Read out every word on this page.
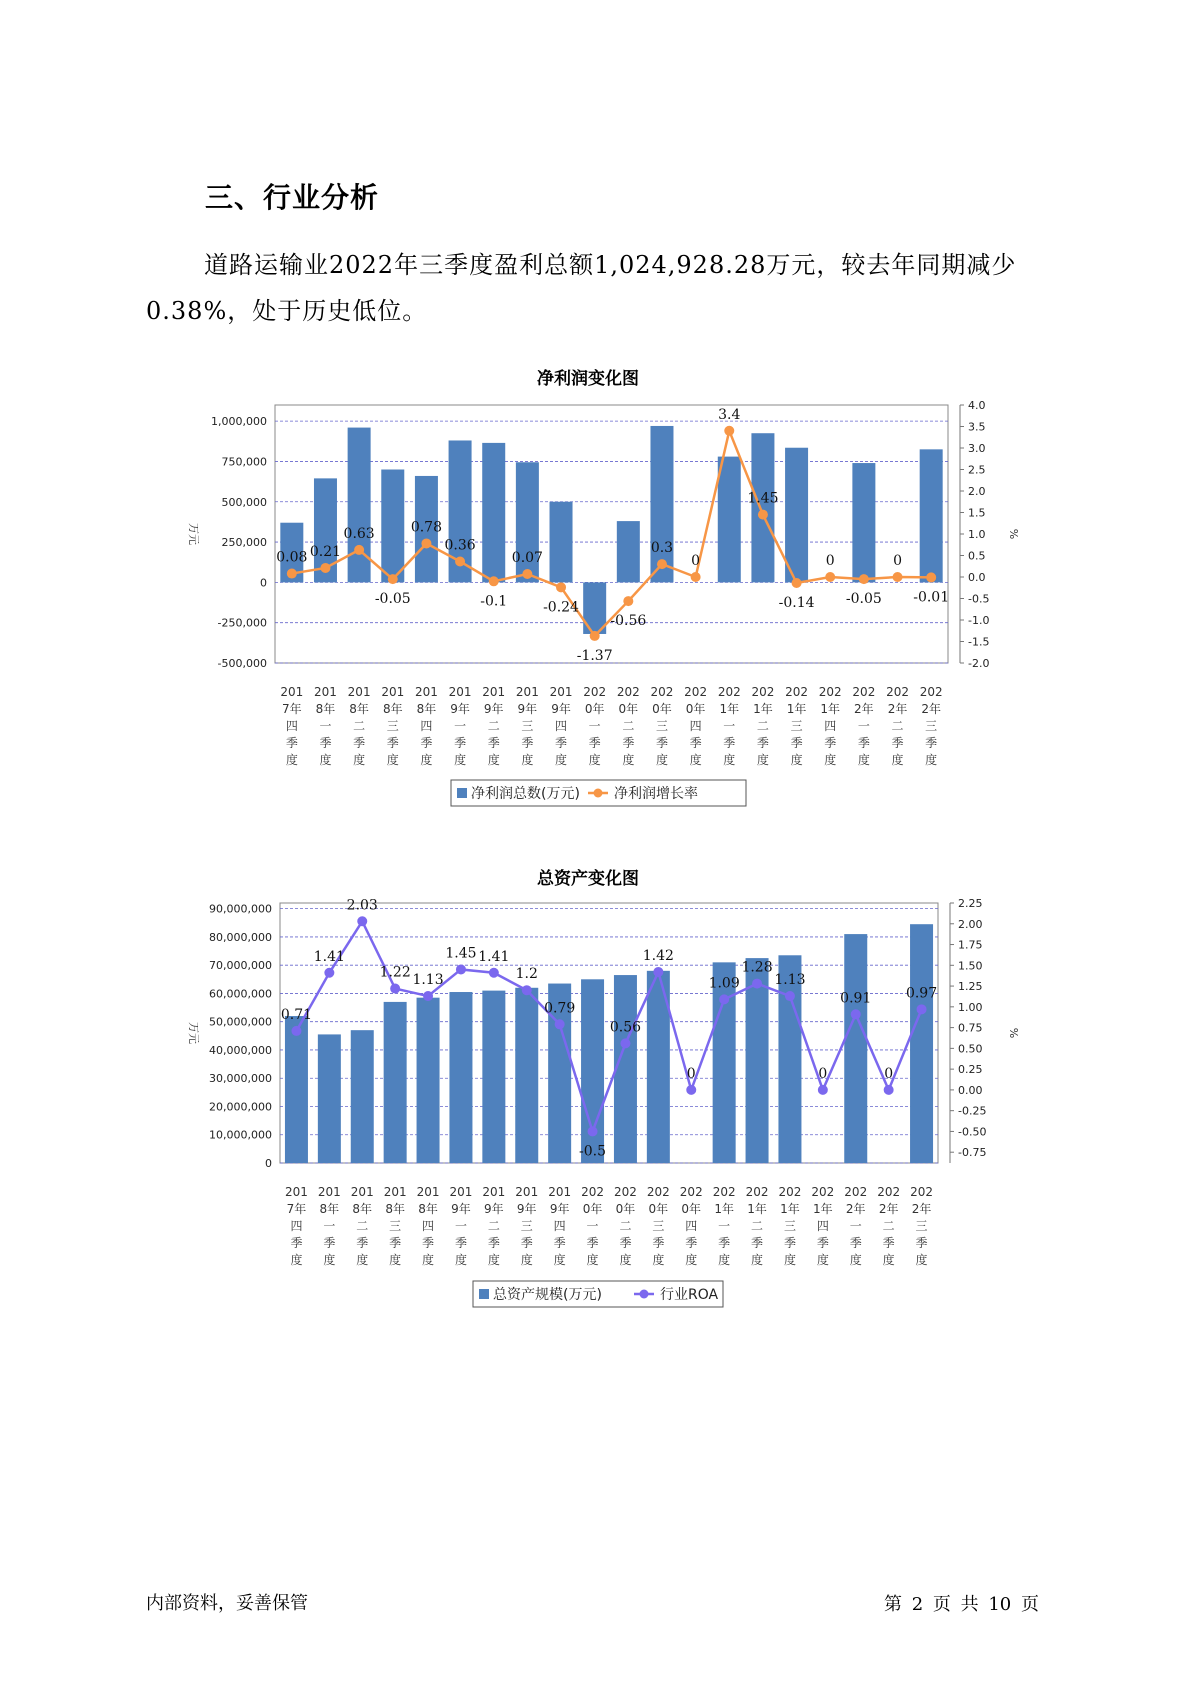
三、行业分析

道路运输业2022年三季度盈利总额1,024,928.28万元，较去年同期减少0.38%，处于历史低位。

净利润变化图
1,000,000
750,000
500,000
250,000
0
-250,000
-500,000
4.0
3.5
3.0
2.5
2.0
1.5
1.0
0.5
0.0
-0.5
-1.0
-1.5
-2.0
万元	%
0.08 0.21
0.63
-0.05
0.78
0.36
-0.1
0.07
-0.24
-1.37
-0.56
0.3
0
3.4
1.45
-0.14
0
-0.05
0
-0.01
201 7年四季度
201 8年一季度
201 8年二季度
201 8年三季度
201 8年四季度
201 9年一季度
201 9年二季度
201 9年三季度
201 9年四季度
202 0年一季度
202 0年二季度
202 0年三季度
202 0年四季度
202 1年一季度
202 1年二季度
202 1年三季度
202 1年四季度
202 2年一季度
202 2年二季度
202 2年三季度
净利润总数(万元) 净利润增长率
总资产变化图
90,000,000
80,000,000
70,000,000
60,000,000
50,000,000
40,000,000
30,000,000
20,000,000
10,000,000
0
2.25
2.00
1.75
1.50
1.25
1.00
0.75
0.50
0.25
0.00
-0.25
-0.50
-0.75
万元	%
0.71
1.41
2.03
1.22 1.13
1.45 1.41
1.2
0.79
-0.5
0.56
1.42
0
1.09
1.28
1.13
0
0.91
0
0.97
201 7年四季度
201 8年一季度
201 8年二季度
201 8年三季度
201 8年四季度
201 9年一季度
201 9年二季度
201 9年三季度
201 9年四季度
202 0年一季度
202 0年二季度
202 0年三季度
202 0年四季度
202 1年一季度
202 1年二季度
202 1年三季度
202 1年四季度
202 2年一季度
202 2年二季度
202 2年三季度
总资产规模(万元)	行业ROA
内部资料，妥善保管	第 2 页 共 10 页
